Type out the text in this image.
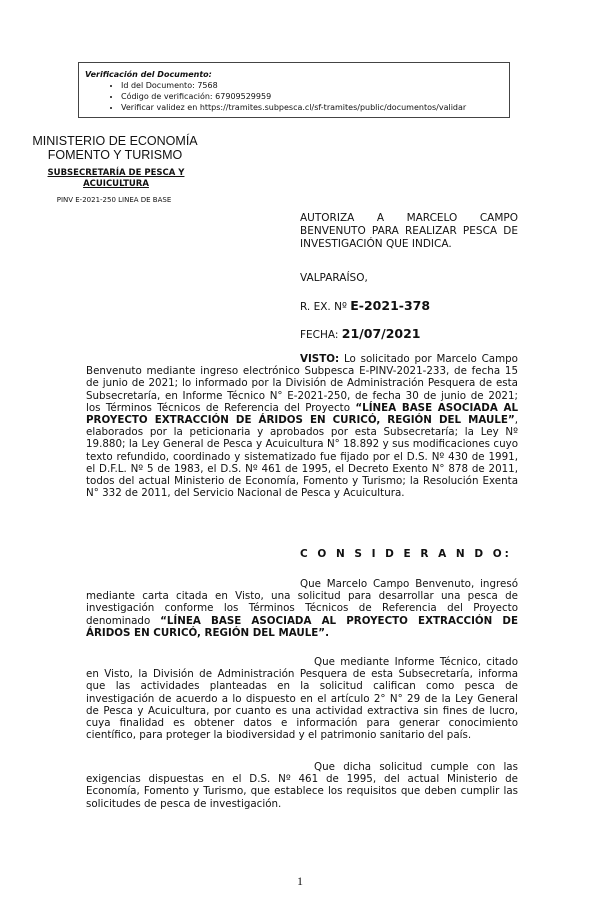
Verificación del Documento:
• Id del Documento: 7568
• Código de verificación: 67909529959
• Verificar validez en https://tramites.subpesca.cl/sf-tramites/public/documentos/validar
MINISTERIO DE ECONOMÍA
FOMENTO Y TURISMO
SUBSECRETARÍA DE PESCA Y
ACUICULTURA
PINV E-2021-250 LINEA DE BASE
AUTORIZA A MARCELO CAMPO BENVENUTO PARA REALIZAR PESCA DE INVESTIGACIÓN QUE INDICA.
VALPARAÍSO,
R. EX. Nº E-2021-378
FECHA: 21/07/2021
VISTO: Lo solicitado por Marcelo Campo Benvenuto mediante ingreso electrónico Subpesca E-PINV-2021-233, de fecha 15 de junio de 2021; lo informado por la División de Administración Pesquera de esta Subsecretaría, en Informe Técnico N° E-2021-250, de fecha 30 de junio de 2021; los Términos Técnicos de Referencia del Proyecto “LÍNEA BASE ASOCIADA AL PROYECTO EXTRACCIÓN DE ÁRIDOS EN CURICÓ, REGIÓN DEL MAULE”, elaborados por la peticionaria y aprobados por esta Subsecretaría; la Ley Nº 19.880; la Ley General de Pesca y Acuicultura N° 18.892 y sus modificaciones cuyo texto refundido, coordinado y sistematizado fue fijado por el D.S. Nº 430 de 1991, el D.F.L. Nº 5 de 1983, el D.S. Nº 461 de 1995, el Decreto Exento N° 878 de 2011, todos del actual Ministerio de Economía, Fomento y Turismo; la Resolución Exenta N° 332 de 2011, del Servicio Nacional de Pesca y Acuicultura.
C O N S I D E R A N D O:
Que Marcelo Campo Benvenuto, ingresó mediante carta citada en Visto, una solicitud para desarrollar una pesca de investigación conforme los Términos Técnicos de Referencia del Proyecto denominado “LÍNEA BASE ASOCIADA AL PROYECTO EXTRACCIÓN DE ÁRIDOS EN CURICÓ, REGIÓN DEL MAULE”.
Que mediante Informe Técnico, citado en Visto, la División de Administración Pesquera de esta Subsecretaría, informa que las actividades planteadas en la solicitud califican como pesca de investigación de acuerdo a lo dispuesto en el artículo 2° N° 29 de la Ley General de Pesca y Acuicultura, por cuanto es una actividad extractiva sin fines de lucro, cuya finalidad es obtener datos e información para generar conocimiento científico, para proteger la biodiversidad y el patrimonio sanitario del país.
Que dicha solicitud cumple con las exigencias dispuestas en el D.S. Nº 461 de 1995, del actual Ministerio de Economía, Fomento y Turismo, que establece los requisitos que deben cumplir las solicitudes de pesca de investigación.
1
